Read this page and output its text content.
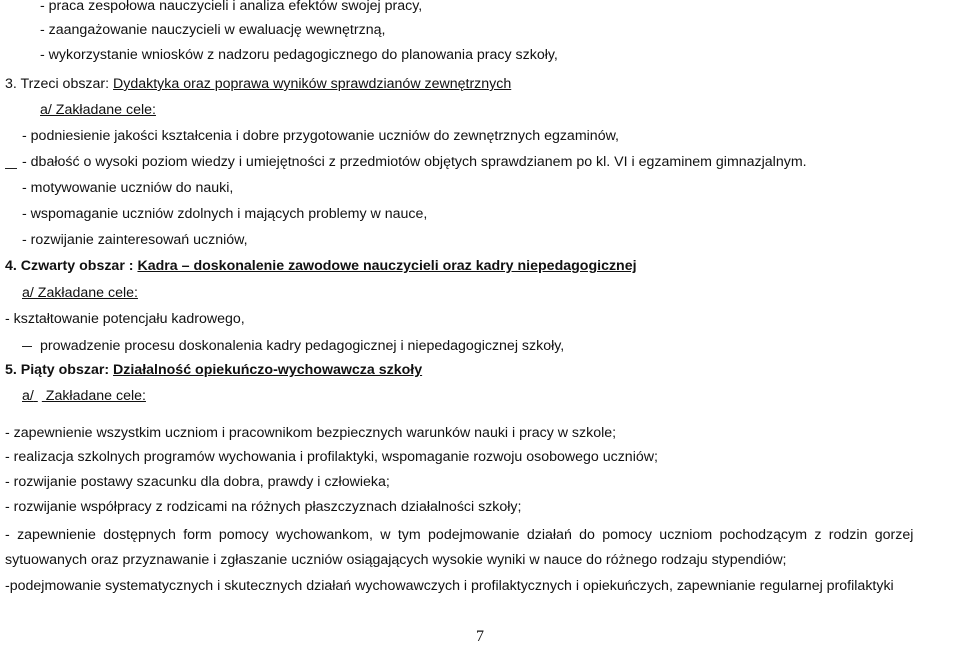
- praca zespołowa nauczycieli i analiza efektów swojej pracy,
- zaangażowanie nauczycieli w ewaluację wewnętrzną,
- wykorzystanie wniosków z nadzoru pedagogicznego do planowania pracy szkoły,
3. Trzeci obszar: Dydaktyka oraz poprawa wyników sprawdzianów zewnętrznych
a/ Zakładane cele:
- podniesienie jakości kształcenia i dobre przygotowanie uczniów do zewnętrznych egzaminów,
- dbałość o wysoki poziom wiedzy i umiejętności z przedmiotów objętych sprawdzianem po kl. VI i egzaminem gimnazjalnym.
- motywowanie uczniów do nauki,
- wspomaganie uczniów zdolnych i mających problemy w nauce,
- rozwijanie zainteresowań uczniów,
4. Czwarty obszar : Kadra – doskonalenie zawodowe nauczycieli oraz kadry niepedagogicznej
a/ Zakładane cele:
- kształtowanie potencjału kadrowego,
prowadzenie procesu doskonalenia kadry pedagogicznej i niepedagogicznej szkoły,
5. Piąty obszar: Działalność opiekuńczo-wychowawcza szkoły
a/  Zakładane cele:
- zapewnienie wszystkim uczniom i pracownikom bezpiecznych warunków nauki i pracy w szkole;
- realizacja szkolnych programów wychowania i profilaktyki, wspomaganie rozwoju osobowego uczniów;
- rozwijanie postawy szacunku dla dobra, prawdy i człowieka;
- rozwijanie współpracy z rodzicami na różnych płaszczyznach działalności szkoły;
- zapewnienie dostępnych form pomocy wychowankom, w tym podejmowanie działań do pomocy uczniom pochodzącym z rodzin gorzej
sytuowanych oraz przyznawanie i zgłaszanie uczniów osiągających wysokie wyniki w nauce do różnego rodzaju stypendiów;
-podejmowanie systematycznych i skutecznych działań wychowawczych i profilaktycznych i opiekuńczych, zapewnianie regularnej profilaktyki
7
